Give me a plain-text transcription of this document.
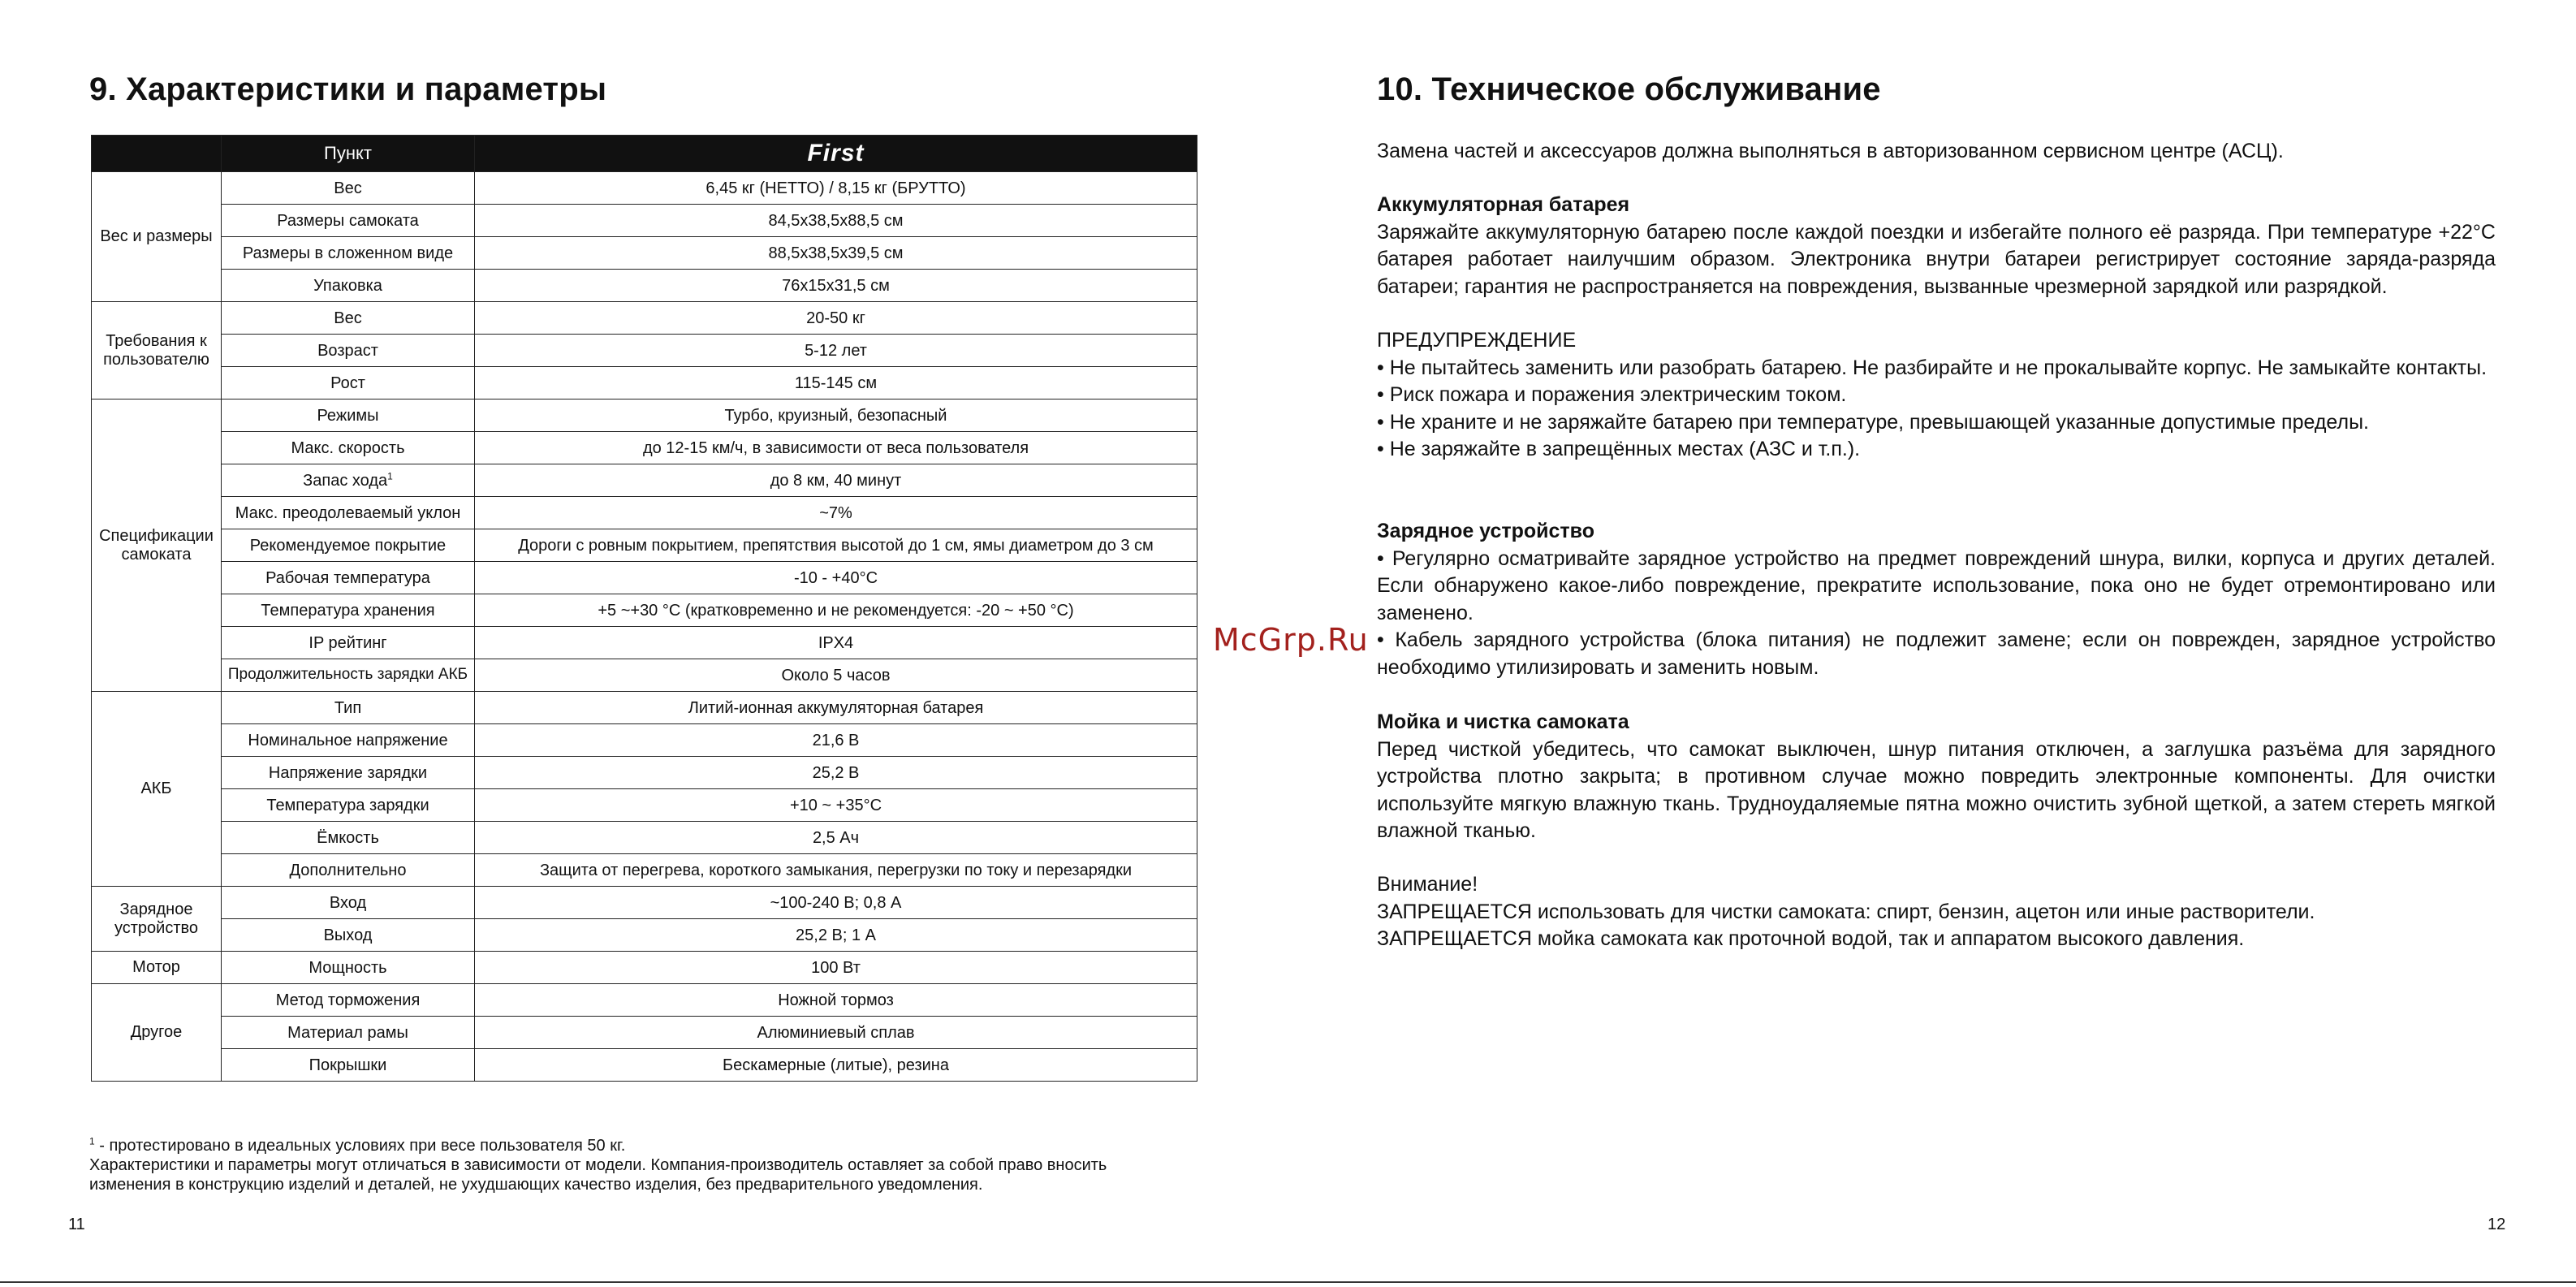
9. Характеристики и параметры
	Пункт	First
Вес и размеры	Вес	6,45 кг (НЕТТО) / 8,15 кг (БРУТТО)
	Размеры самоката	84,5x38,5x88,5 см
	Размеры в сложенном виде	88,5x38,5x39,5 см
	Упаковка	76x15x31,5 см
Требования к пользователю	Вес	20-50 кг
	Возраст	5-12 лет
	Рост	115-145 см
Спецификации самоката	Режимы	Турбо, круизный, безопасный
	Макс. скорость	до 12-15 км/ч, в зависимости от веса пользователя
	Запас хода$^1$	до 8 км, 40 минут
	Макс. преодолеваемый уклон	~7%
	Рекомендуемое покрытие	Дороги с ровным покрытием, препятствия высотой до 1 см, ямы диаметром до 3 см
	Рабочая температура	-10 - +40°С
	Температура хранения	+5 ~+30 °С (кратковременно и не рекомендуется: -20 ~ +50 °С)
	IP рейтинг	IPX4
	Продолжительность зарядки АКБ	Около 5 часов
АКБ	Тип	Литий-ионная аккумуляторная батарея
	Номинальное напряжение	21,6 В
	Напряжение зарядки	25,2 В
	Температура зарядки	+10 ~ +35°С
	Ёмкость	2,5 Ач
	Дополнительно	Защита от перегрева, короткого замыкания, перегрузки по току и перезарядки
Зарядное устройство	Вход	~100-240 В; 0,8 А
	Выход	25,2 В; 1 А
Мотор	Мощность	100 Вт
Другое	Метод торможения	Ножной тормоз
	Материал рамы	Алюминиевый сплав
	Покрышки	Бескамерные (литые), резина

$^1$ - протестировано в идеальных условиях при весе пользователя 50 кг.

Характеристики и параметры могут отличаться в зависимости от модели. Компания-производитель оставляет за собой право вносить

изменения в конструкцию изделий и деталей, не ухудшающих качество изделия, без предварительного уведомления.

11
McGrp.Ru
10. Техническое обслуживание

Замена частей и аксессуаров должна выполняться в авторизованном сервисном центре (АСЦ).

Аккумуляторная батарея

Заряжайте аккумуляторную батарею после каждой поездки и избегайте полного её разряда. При температуре +22°С батарея работает наилучшим образом. Электроника внутри батареи регистрирует состояние заряда-разряда батареи; гарантия не распространяется на повреждения, вызванные чрезмерной зарядкой или разрядкой.

ПРЕДУПРЕЖДЕНИЕ

• Не пытайтесь заменить или разобрать батарею. Не разбирайте и не прокалывайте корпус. Не замыкайте контакты.

• Риск пожара и поражения электрическим током.

• Не храните и не заряжайте батарею при температуре, превышающей указанные допустимые пределы.

• Не заряжайте в запрещённых местах (АЗС и т.п.).

Зарядное устройство

• Регулярно осматривайте зарядное устройство на предмет повреждений шнура, вилки, корпуса и других деталей. Если обнаружено какое-либо повреждение, прекратите использование, пока оно не будет отремонтировано или заменено.

• Кабель зарядного устройства (блока питания) не подлежит замене; если он поврежден, зарядное устройство необходимо утилизировать и заменить новым.

Мойка и чистка самоката

Перед чисткой убедитесь, что самокат выключен, шнур питания отключен, а заглушка разъёма для зарядного устройства плотно закрыта; в противном случае можно повредить электронные компоненты. Для очистки используйте мягкую влажную ткань. Трудноудаляемые пятна можно очистить зубной щеткой, а затем стереть мягкой влажной тканью.

Внимание!

ЗАПРЕЩАЕТСЯ использовать для чистки самоката: спирт, бензин, ацетон или иные растворители.

ЗАПРЕЩАЕТСЯ мойка самоката как проточной водой, так и аппаратом высокого давления.

12
